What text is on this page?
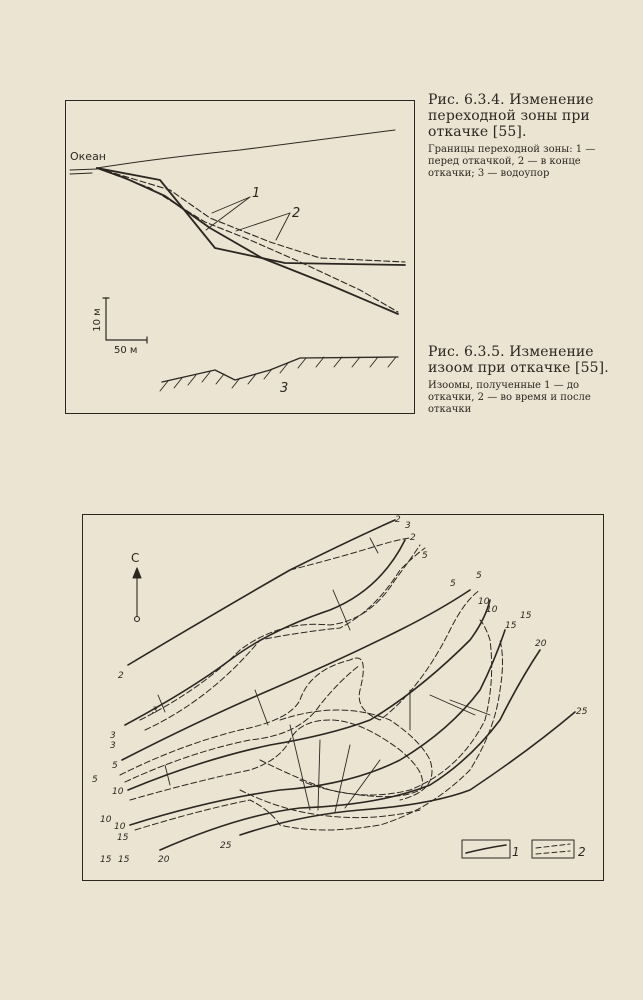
Океан
1
2
3
10 м
50 м

Рис. 6.3.4. Изменение переходной зоны при откачке [55].

Границы переходной зоны: 1 — перед откачкой, 2 — в конце откачки; 3 — водоупор

Рис. 6.3.5. Изменение изоом при откачке [55].

Изоомы, полученные 1 — до откачки, 2 — во время и после откачки

С
2
2
2
3
3
3
3
5
5
5
5
5
10
10
10
10
10
15
15
15
15 15
20
20
25
25	1	2
